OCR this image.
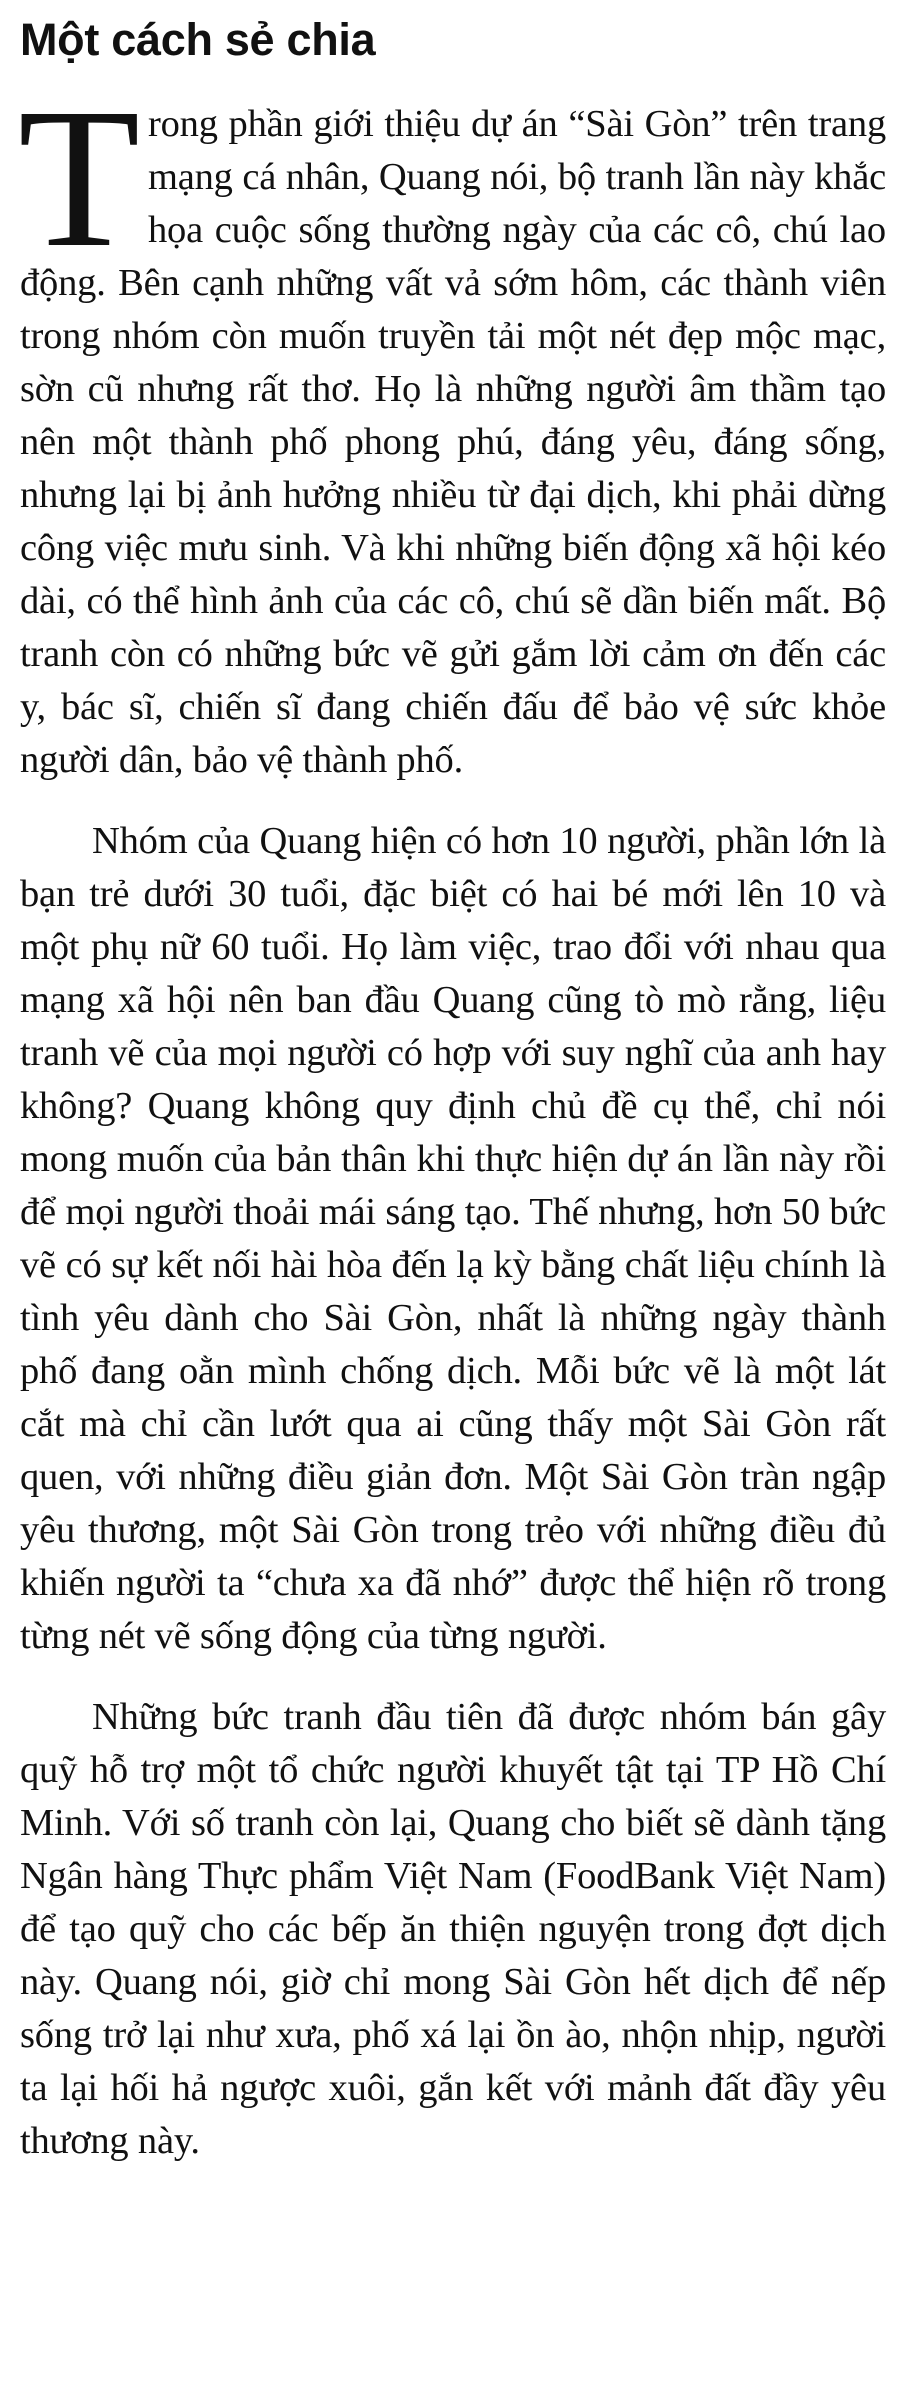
Một cách sẻ chia

Trong phần giới thiệu dự án “Sài Gòn” trên trang mạng cá nhân, Quang nói, bộ tranh lần này khắc họa cuộc sống thường ngày của các cô, chú lao động. Bên cạnh những vất vả sớm hôm, các thành viên trong nhóm còn muốn truyền tải một nét đẹp mộc mạc, sờn cũ nhưng rất thơ. Họ là những người âm thầm tạo nên một thành phố phong phú, đáng yêu, đáng sống, nhưng lại bị ảnh hưởng nhiều từ đại dịch, khi phải dừng công việc mưu sinh. Và khi những biến động xã hội kéo dài, có thể hình ảnh của các cô, chú sẽ dần biến mất. Bộ tranh còn có những bức vẽ gửi gắm lời cảm ơn đến các y, bác sĩ, chiến sĩ đang chiến đấu để bảo vệ sức khỏe người dân, bảo vệ thành phố.

Nhóm của Quang hiện có hơn 10 người, phần lớn là bạn trẻ dưới 30 tuổi, đặc biệt có hai bé mới lên 10 và một phụ nữ 60 tuổi. Họ làm việc, trao đổi với nhau qua mạng xã hội nên ban đầu Quang cũng tò mò rằng, liệu tranh vẽ của mọi người có hợp với suy nghĩ của anh hay không? Quang không quy định chủ đề cụ thể, chỉ nói mong muốn của bản thân khi thực hiện dự án lần này rồi để mọi người thoải mái sáng tạo. Thế nhưng, hơn 50 bức vẽ có sự kết nối hài hòa đến lạ kỳ bằng chất liệu chính là tình yêu dành cho Sài Gòn, nhất là những ngày thành phố đang oằn mình chống dịch. Mỗi bức vẽ là một lát cắt mà chỉ cần lướt qua ai cũng thấy một Sài Gòn rất quen, với những điều giản đơn. Một Sài Gòn tràn ngập yêu thương, một Sài Gòn trong trẻo với những điều đủ khiến người ta “chưa xa đã nhớ” được thể hiện rõ trong từng nét vẽ sống động của từng người.

Những bức tranh đầu tiên đã được nhóm bán gây quỹ hỗ trợ một tổ chức người khuyết tật tại TP Hồ Chí Minh. Với số tranh còn lại, Quang cho biết sẽ dành tặng Ngân hàng Thực phẩm Việt Nam (FoodBank Việt Nam) để tạo quỹ cho các bếp ăn thiện nguyện trong đợt dịch này. Quang nói, giờ chỉ mong Sài Gòn hết dịch để nếp sống trở lại như xưa, phố xá lại ồn ào, nhộn nhịp, người ta lại hối hả ngược xuôi, gắn kết với mảnh đất đầy yêu thương này.
